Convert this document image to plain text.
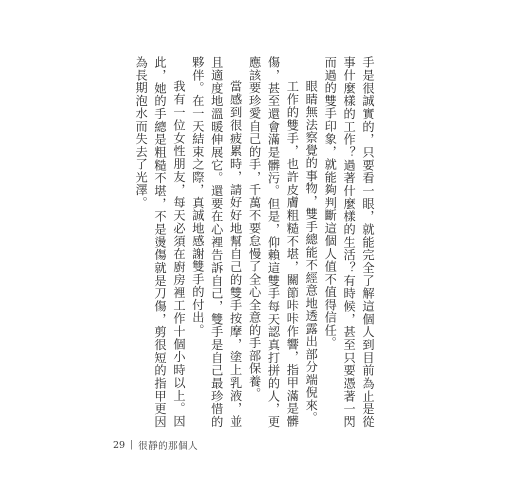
手是很誠實的，只要看一眼，就能完全了解這個人到目前為止是從事什麼樣的工作？過著什麼樣的生活？有時候，甚至只要憑著一閃而過的雙手印象，就能夠判斷這個人值不值得信任。

眼睛無法察覺的事物，雙手總能不經意地透露出部分端倪來。

工作的雙手，也許皮膚粗糙不堪，關節咔咔作響，指甲滿是髒傷，甚至還會滿是髒污。但是，仰賴這雙手每天認真打拼的人，更應該要珍愛自己的手，千萬不要怠慢了全心全意的手部保養。

當感到很疲累時，請好好地幫自己的雙手按摩，塗上乳液，並且適度地溫暖伸展它。還要在心裡告訴自己，雙手是自己最珍惜的夥伴。在一天結束之際，真誠地感謝雙手的付出。

我有一位女性朋友，每天必須在廚房裡工作十個小時以上。因此，她的手總是粗糙不堪，不是燙傷就是刀傷，剪很短的指甲更因為長期泡水而失去了光澤。

29 | 很靜的那個人
